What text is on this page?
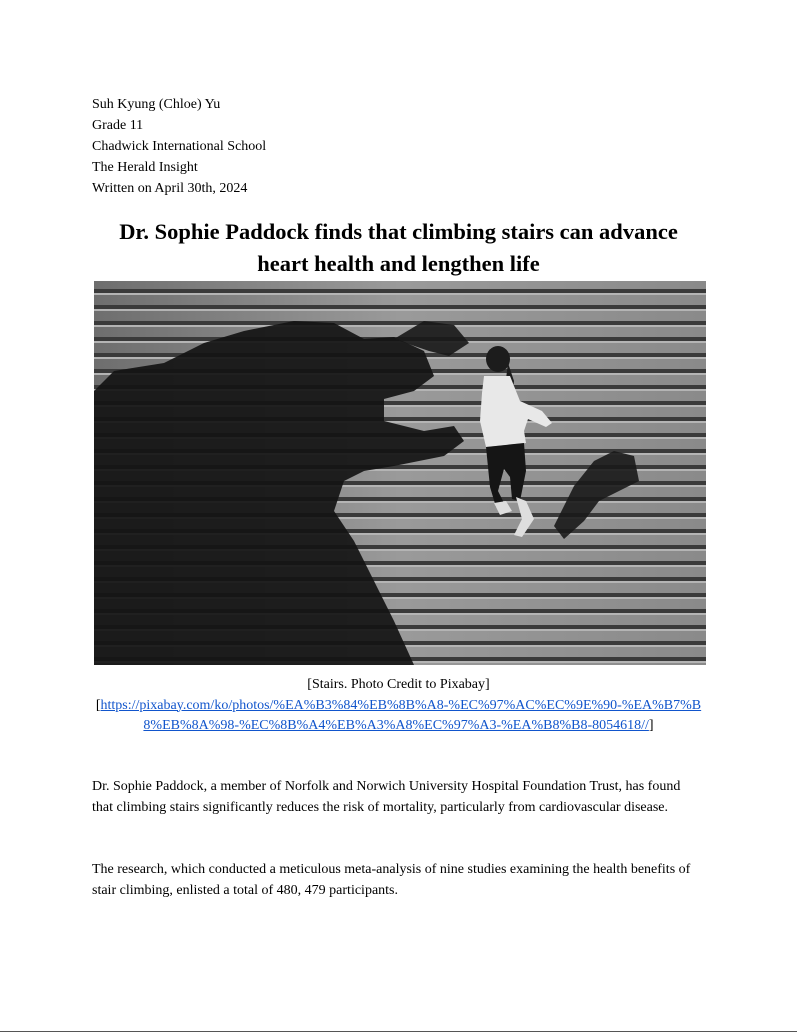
Suh Kyung (Chloe) Yu
Grade 11
Chadwick International School
The Herald Insight
Written on April 30th, 2024
Dr. Sophie Paddock finds that climbing stairs can advance heart health and lengthen life
[Stairs. Photo Credit to Pixabay]
[https://pixabay.com/ko/photos/%EA%B3%84%EB%8B%A8-%EC%97%AC%EC%9E%90-%EA%B7%B8%EB%8A%98-%EC%8B%A4%EB%A3%A8%EC%97%A3-%EA%B8%B8-8054618//]
Dr. Sophie Paddock, a member of Norfolk and Norwich University Hospital Foundation Trust, has found that climbing stairs significantly reduces the risk of mortality, particularly from cardiovascular disease.
The research, which conducted a meticulous meta-analysis of nine studies examining the health benefits of stair climbing, enlisted a total of 480, 479 participants.
